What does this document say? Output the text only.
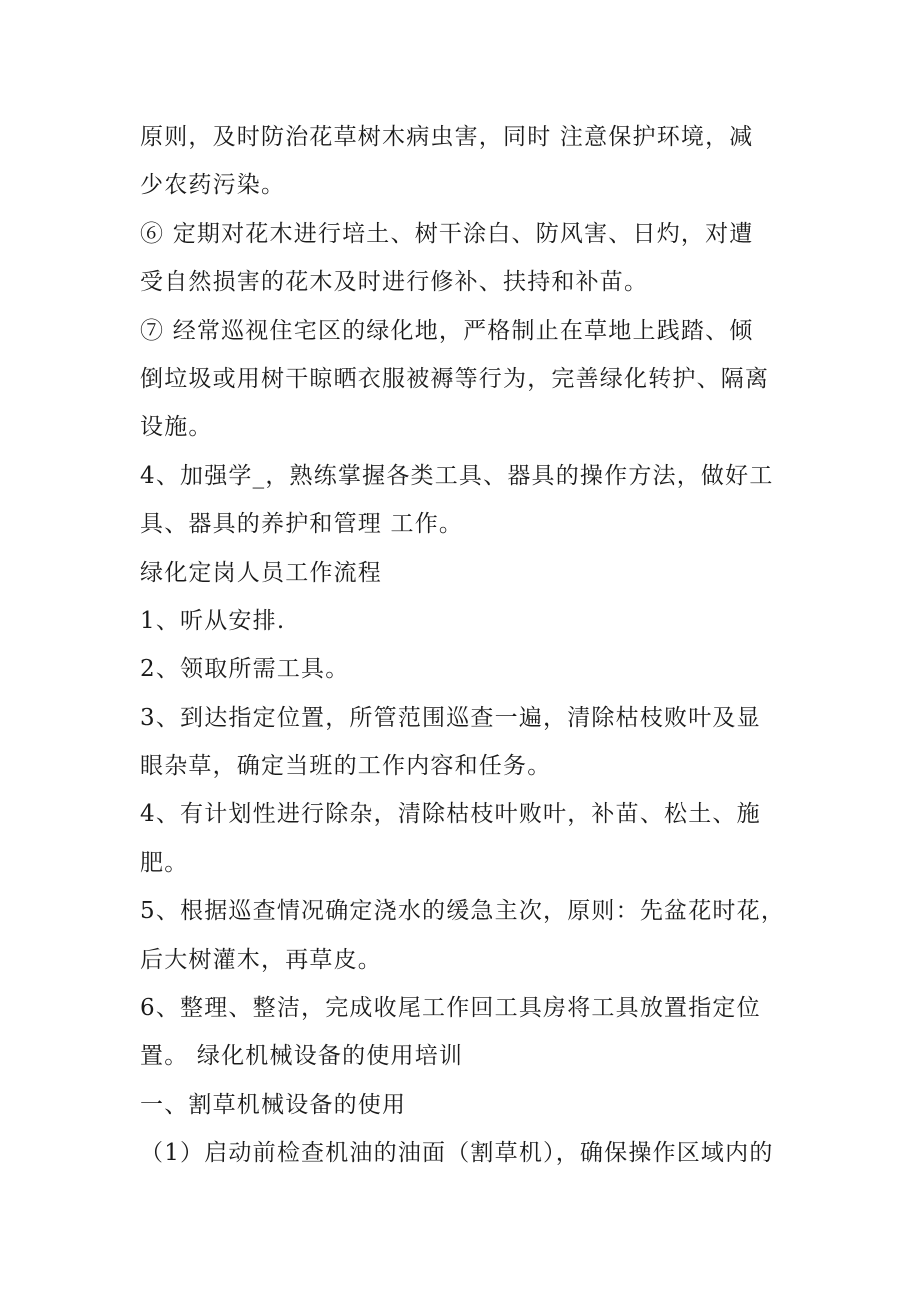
原则，及时防治花草树木病虫害，同时 注意保护环境，减
少农药污染。
⑥ 定期对花木进行培土、树干涂白、防风害、日灼，对遭
受自然损害的花木及时进行修补、扶持和补苗。
⑦ 经常巡视住宅区的绿化地，严格制止在草地上践踏、倾
倒垃圾或用树干晾晒衣服被褥等行为，完善绿化转护、隔离
设施。
4、加强学_，熟练掌握各类工具、器具的操作方法，做好工
具、器具的养护和管理 工作。
绿化定岗人员工作流程
1、听从安排.
2、领取所需工具。
3、到达指定位置，所管范围巡查一遍，清除枯枝败叶及显
眼杂草，确定当班的工作内容和任务。
4、有计划性进行除杂，清除枯枝叶败叶，补苗、松土、施
肥。
5、根据巡查情况确定浇水的缓急主次，原则：先盆花时花，
后大树灌木，再草皮。
6、整理、整洁，完成收尾工作回工具房将工具放置指定位
置。 绿化机械设备的使用培训
一、割草机械设备的使用
（1）启动前检查机油的油面（割草机），确保操作区域内的
